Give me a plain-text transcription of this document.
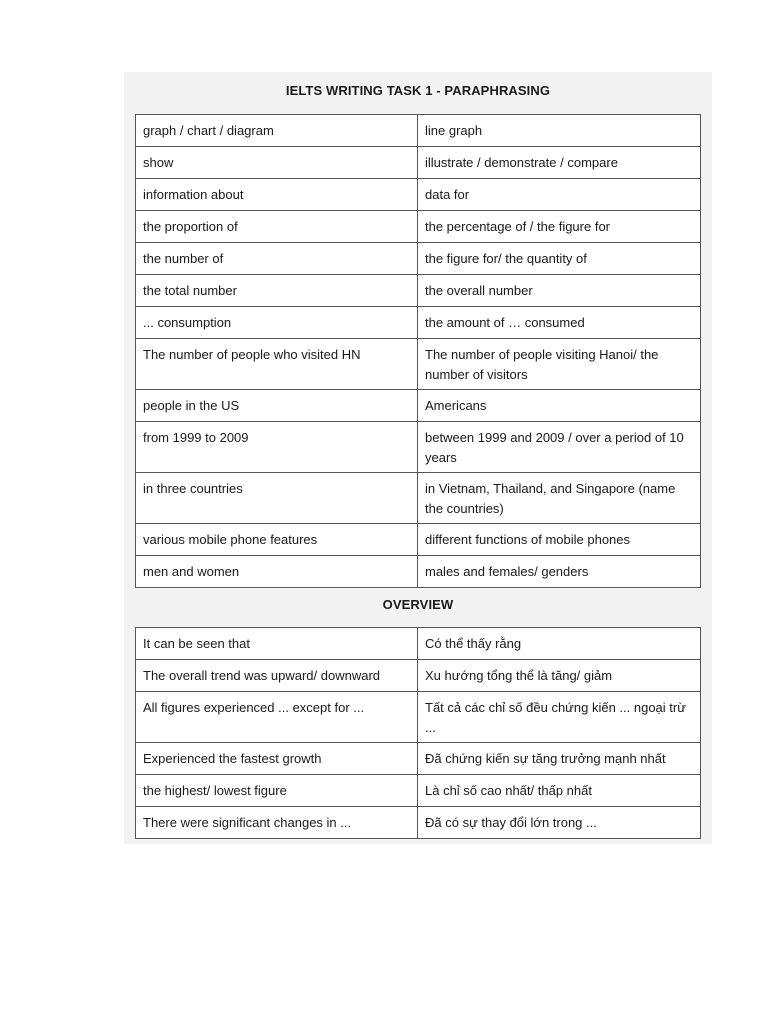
IELTS WRITING TASK 1 - PARAPHRASING
graph / chart / diagram	line graph
show	illustrate / demonstrate / compare
information about	data for
the proportion of	the percentage of / the figure for
the number of	the figure for/ the quantity of
the total number	the overall number
... consumption	the amount of … consumed
The number of people who visited HN	The number of people visiting Hanoi/ the number of visitors
people in the US	Americans
from 1999 to 2009	between 1999 and 2009 / over a period of 10 years
in three countries	in Vietnam, Thailand, and Singapore (name the countries)
various mobile phone features	different functions of mobile phones
men and women	males and females/ genders
OVERVIEW
It can be seen that	Có thể thấy rằng
The overall trend was upward/ downward	Xu hướng tổng thể là tăng/ giảm
All figures experienced ... except for ...	Tất cả các chỉ số đều chứng kiến ... ngoại trừ ...
Experienced the fastest growth	Đã chứng kiến sự tăng trưởng mạnh nhất
the highest/ lowest figure	Là chỉ số cao nhất/ thấp nhất
There were significant changes in ...	Đã có sự thay đổi lớn trong ...
